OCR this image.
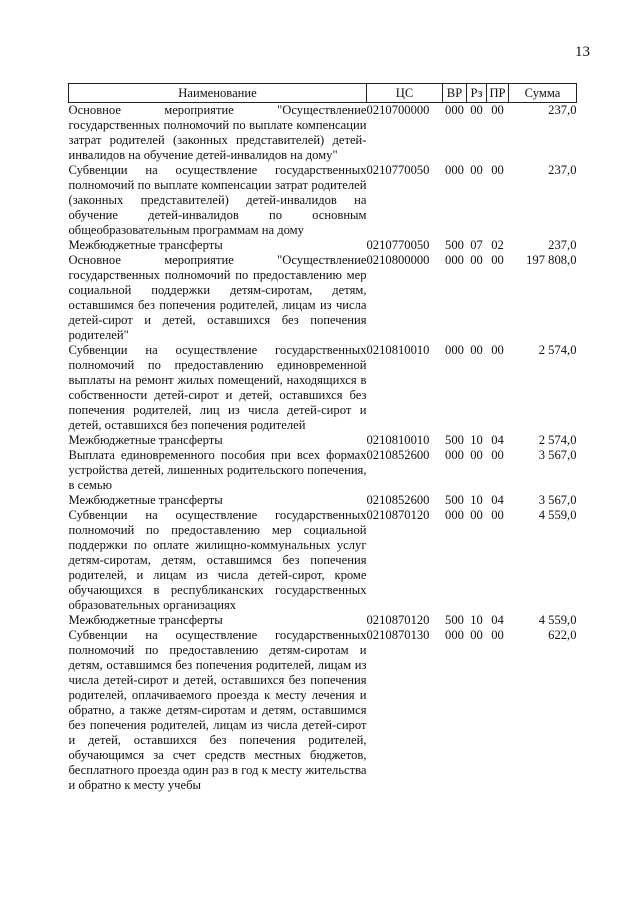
13
Наименование	ЦС	ВР	Рз	ПР	Сумма
Основное мероприятие "Осуществление государственных полномочий по выплате компенсации затрат родителей (законных представителей) детей-инвалидов на обучение детей-инвалидов на дому"	0210700000	000	00	00	237,0
Субвенции на осуществление государственных полномочий по выплате компенсации затрат родителей (законных представителей) детей-инвалидов на обучение детей-инвалидов по основным общеобразовательным программам на дому	0210770050	000	00	00	237,0
Межбюджетные трансферты	0210770050	500	07	02	237,0
Основное мероприятие "Осуществление государственных полномочий по предоставлению мер социальной поддержки детям-сиротам, детям, оставшимся без попечения родителей, лицам из числа детей-сирот и детей, оставшихся без попечения родителей"	0210800000	000	00	00	197 808,0
Субвенции на осуществление государственных полномочий по предоставлению единовременной выплаты на ремонт жилых помещений, находящихся в собственности детей-сирот и детей, оставшихся без попечения родителей, лиц из числа детей-сирот и детей, оставшихся без попечения родителей	0210810010	000	00	00	2 574,0
Межбюджетные трансферты	0210810010	500	10	04	2 574,0
Выплата единовременного пособия при всех формах устройства детей, лишенных родительского попечения, в семью	0210852600	000	00	00	3 567,0
Межбюджетные трансферты	0210852600	500	10	04	3 567,0
Субвенции на осуществление государственных полномочий по предоставлению мер социальной поддержки по оплате жилищно-коммунальных услуг детям-сиротам, детям, оставшимся без попечения родителей, и лицам из числа детей-сирот, кроме обучающихся в республиканских государственных образовательных организациях	0210870120	000	00	00	4 559,0
Межбюджетные трансферты	0210870120	500	10	04	4 559,0
Субвенции на осуществление государственных полномочий по предоставлению детям-сиротам и детям, оставшимся без попечения родителей, лицам из числа детей-сирот и детей, оставшихся без попечения родителей, оплачиваемого проезда к месту лечения и обратно, а также детям-сиротам и детям, оставшимся без попечения родителей, лицам из числа детей-сирот и детей, оставшихся без попечения родителей, обучающимся за счет средств местных бюджетов, бесплатного проезда один раз в год к месту жительства и обратно к месту учебы	0210870130	000	00	00	622,0
